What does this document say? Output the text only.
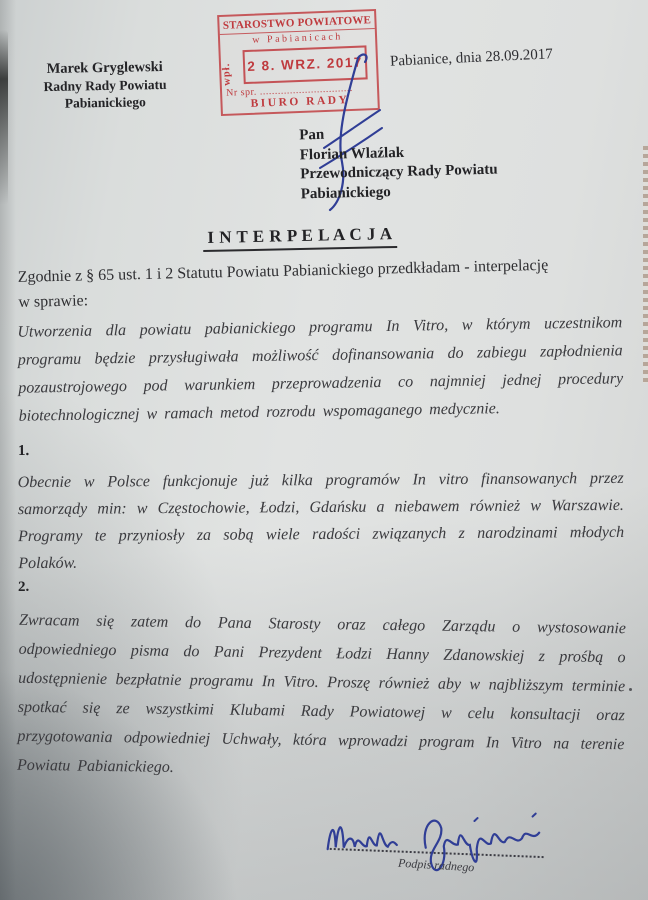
Marek Gryglewski
Radny Rady Powiatu
Pabianickiego
STAROSTWO POWIATOWE
w Pabianicach
2 8. WRZ. 2017
wpł.
Nr spr. ...............................
BIURO RADY
Pabianice, dnia 28.09.2017
Pan
Florian Wlaźlak
Przewodniczący Rady Powiatu
Pabianickiego
I N T E R P E L A C J A
Zgodnie z § 65 ust. 1 i 2 Statutu Powiatu Pabianickiego przedkładam - interpelację
w sprawie:

Utworzenia dla powiatu pabianickiego programu In Vitro, w którym uczestnikom programu będzie przysługiwała możliwość dofinansowania do zabiegu zapłodnienia pozaustrojowego pod warunkiem przeprowadzenia co najmniej jednej procedury biotechnologicznej w ramach metod rozrodu wspomaganego medycznie.

1.

Obecnie w Polsce funkcjonuje już kilka programów In vitro finansowanych przez samorządy min: w Częstochowie, Łodzi, Gdańsku a niebawem również w Warszawie. Programy te przyniosły za sobą wiele radości związanych z narodzinami młodych Polaków.

2.

Zwracam się zatem do Pana Starosty oraz całego Zarządu o wystosowanie odpowiedniego pisma do Pani Prezydent Łodzi Hanny Zdanowskiej z prośbą o udostępnienie bezpłatnie programu In Vitro. Proszę również aby w najbliższym terminie spotkać się ze wszystkimi Klubami Rady Powiatowej w celu konsultacji oraz przygotowania odpowiedniej Uchwały, która wprowadzi program In Vitro na terenie Powiatu Pabianickiego.

Podpis radnego
